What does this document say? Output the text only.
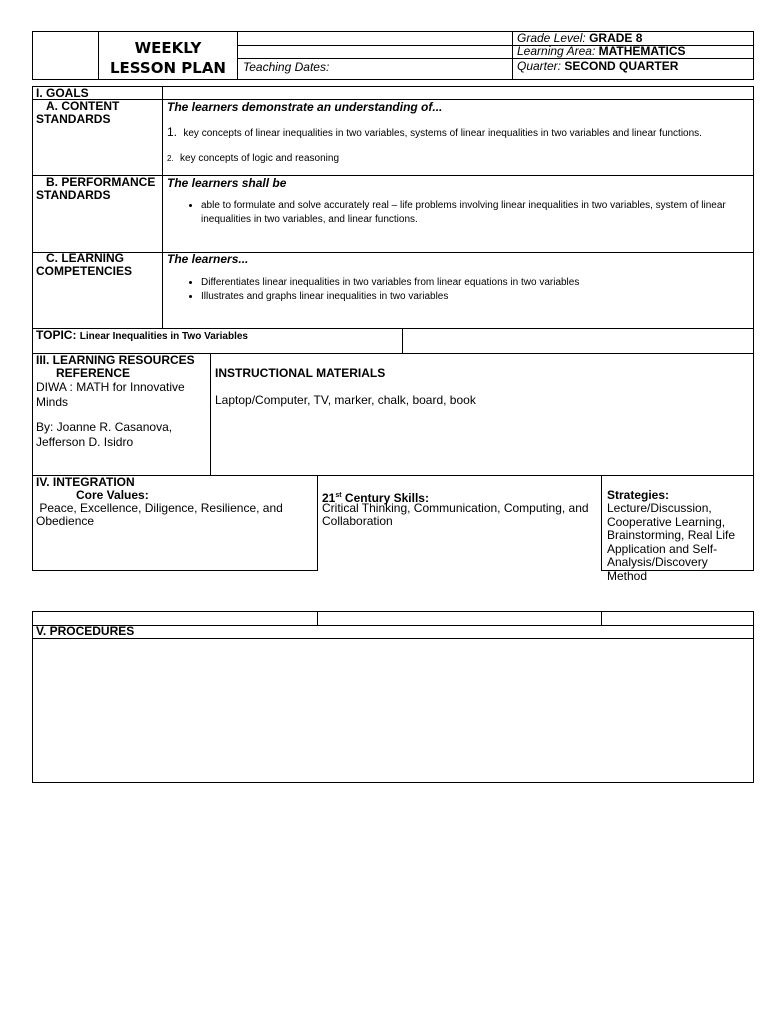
WEEKLY
LESSON PLAN	Teaching Dates:
Grade Level: GRADE 8
Learning Area: MATHEMATICS
Quarter: SECOND QUARTER
I. GOALS
A. CONTENT STANDARDS
The learners demonstrate an understanding of...
1. key concepts of linear inequalities in two variables, systems of linear inequalities in two variables and linear functions.
2. key concepts of logic and reasoning
B. PERFORMANCE STANDARDS
The learners shall be
• able to formulate and solve accurately real – life problems involving linear inequalities in two variables, system of linear inequalities in two variables, and linear functions.
C. LEARNING COMPETENCIES
The learners...
• Differentiates linear inequalities in two variables from linear equations in two variables
• Illustrates and graphs linear inequalities in two variables
TOPIC: Linear Inequalities in Two Variables
III. LEARNING RESOURCES
REFERENCE
DIWA : MATH for Innovative Minds
By: Joanne R. Casanova, Jefferson D. Isidro
INSTRUCTIONAL MATERIALS
Laptop/Computer, TV, marker, chalk, board, book
IV. INTEGRATION
Core Values:
Peace, Excellence, Diligence, Resilience, and Obedience
21st Century Skills:
Critical Thinking, Communication, Computing, and Collaboration
Strategies:
Lecture/Discussion, Cooperative Learning, Brainstorming, Real Life Application and Self-Analysis/Discovery Method
V. PROCEDURES
